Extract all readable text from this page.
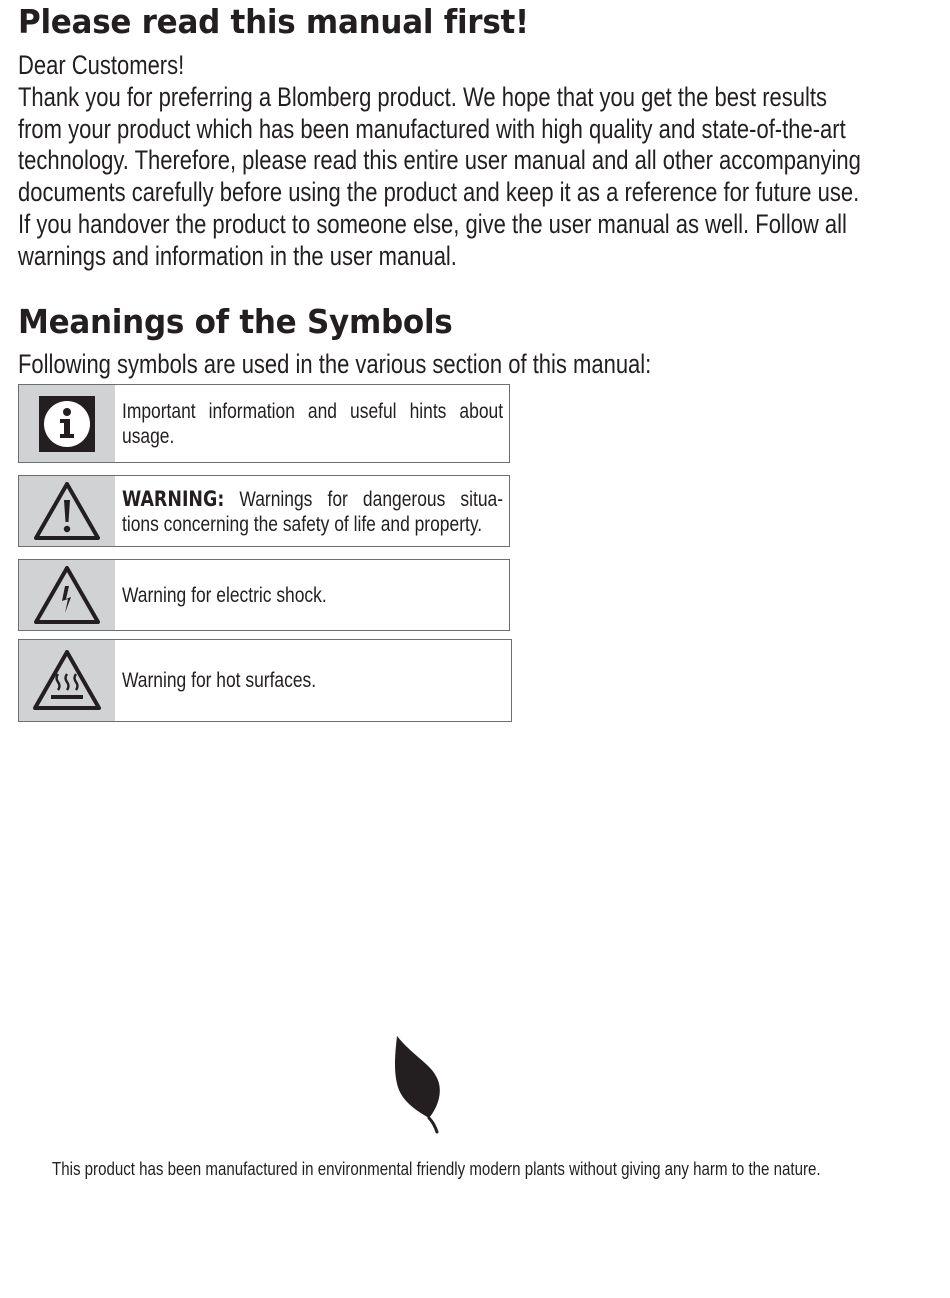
Please read this manual first!

Dear Customers!

Thank you for preferring a Blomberg product. We hope that you get the best results
from your product which has been manufactured with high quality and state-of-the-art
technology. Therefore, please read this entire user manual and all other accompanying
documents carefully before using the product and keep it as a reference for future use.
If you handover the product to someone else, give the user manual as well. Follow all
warnings and information in the user manual.
Meanings of the Symbols
Following symbols are used in the various section of this manual:
Important information and useful hints about
usage.
WARNING: Warnings for dangerous situa-
tions concerning the safety of life and property.
Warning for electric shock.
Warning for hot surfaces.
This product has been manufactured in environmental friendly modern plants without giving any harm to the nature.
